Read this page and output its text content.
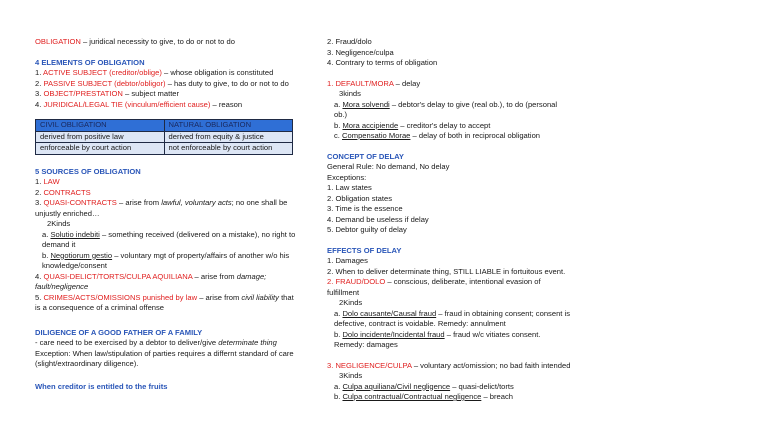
OBLIGATION – juridical necessity to give, to do or not to do

4 ELEMENTS OF OBLIGATION

1. ACTIVE SUBJECT (creditor/oblige) – whose obligation is constituted

2. PASSIVE SUBJECT (debtor/obligor) – has duty to give, to do or not to do

3. OBJECT/PRESTATION – subject matter

4. JURIDICAL/LEGAL TIE (vinculum/efficient cause) – reason

CIVIL OBLIGATION	NATURAL OBLIGATION
derived from positive law	derived from equity & justice
enforceable by court action	not enforceable by court action

5 SOURCES OF OBLIGATION

1. LAW

2. CONTRACTS

3. QUASI-CONTRACTS – arise from lawful, voluntary acts; no one shall be unjustly enriched…

2Kinds

a. Solutio indebiti – something received (delivered on a mistake), no right to demand it

b. Negotiorum gestio – voluntary mgt of property/affairs of another w/o his knowledge/consent

4. QUASI-DELICT/TORTS/CULPA AQUILIANA – arise from damage; fault/negligence

5. CRIMES/ACTS/OMISSIONS punished by law – arise from civil liability that is a consequence of a criminal offense

DILIGENCE OF A GOOD FATHER OF A FAMILY

- care need to be exercised by a debtor to deliver/give determinate thing

Exception: When law/stipulation of parties requires a differnt standard of care (slight/extraordinary diligence).

When creditor is entitled to the fruits

2. Fraud/dolo

3. Negligence/culpa

4. Contrary to terms of obligation

1. DEFAULT/MORA – delay

3kinds

a. Mora solvendi – debtor's delay to give (real ob.), to do (personal ob.)

b. Mora accipiende – creditor's delay to accept

c. Compensatio Morae – delay of both in reciprocal obligation

CONCEPT OF DELAY

General Rule: No demand, No delay

Exceptions:

1. Law states

2. Obligation states

3. Time is the essence

4. Demand be useless if delay

5. Debtor guilty of delay

EFFECTS OF DELAY

1. Damages

2. When to deliver determinate thing, STILL LIABLE in fortuitous event.

2. FRAUD/DOLO – conscious, deliberate, intentional evasion of fulfillment

2Kinds

a. Dolo causante/Causal fraud – fraud in obtaining consent; consent is defective, contract is voidable. Remedy: annulment

b. Dolo incidente/Incidental fraud – fraud w/c vitiates consent. Remedy: damages

3. NEGLIGENCE/CULPA – voluntary act/omission; no bad faith intended

3Kinds

a. Culpa aquiliana/Civil negligence – quasi-delict/torts

b. Culpa contractual/Contractual negligence – breach
